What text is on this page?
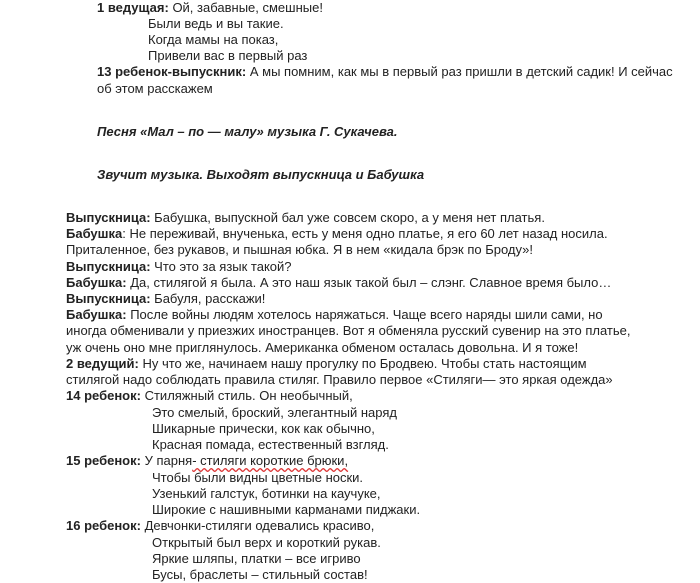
1 ведущая: Ой, забавные, смешные!
Были ведь и вы такие.
Когда мамы на показ,
Привели вас в первый раз
13 ребенок-выпускник: А мы помним, как мы в первый раз пришли в детский садик! И сейчас
об этом расскажем
Песня «Мал – по — малу» музыка Г. Сукачева.
Звучит музыка. Выходят выпускница и Бабушка
Выпускница: Бабушка, выпускной бал уже совсем скоро, а у меня нет платья.
Бабушка: Не переживай, внученька, есть у меня одно платье, я его 60 лет назад носила.
Приталенное, без рукавов, и пышная юбка. Я в нем «кидала брэк по Броду»!
Выпускница: Что это за язык такой?
Бабушка: Да, стилягой я была. А это наш язык такой был – слэнг. Славное время было…
Выпускница: Бабуля, расскажи!
Бабушка: После войны людям хотелось наряжаться. Чаще всего наряды шили сами, но
иногда обменивали у приезжих иностранцев. Вот я обменяла русский сувенир на это платье,
уж очень оно мне приглянулось. Американка обменом осталась довольна. И я тоже!
2 ведущий: Ну что же, начинаем нашу прогулку по Бродвею. Чтобы стать настоящим
стилягой надо соблюдать правила стиляг. Правило первое «Стиляги— это яркая одежда»
14 ребенок: Стиляжный стиль. Он необычный,
Это смелый, броский, элегантный наряд
Шикарные прически, кок как обычно,
Красная помада, естественный взгляд.
15 ребенок: У парня- стиляги короткие брюки,
Чтобы были видны цветные носки.
Узенький галстук, ботинки на каучуке,
Широкие с нашивными карманами пиджаки.
16 ребенок: Девчонки-стиляги одевались красиво,
Открытый был верх и короткий рукав.
Яркие шляпы, платки – все игриво
Бусы, браслеты – стильный состав!
